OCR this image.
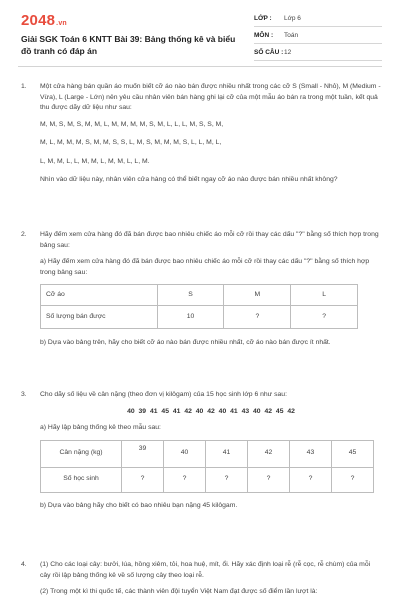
2048.vn
Giải SGK Toán 6 KNTT Bài 39: Bảng thống kê và biểu đồ tranh có đáp án
LỚP :	Lớp 6
MÔN :	Toán
SỐ CÂU : 12
1. Một cửa hàng bán quần áo muốn biết cỡ áo nào bán được nhiều nhất trong các cỡ S (Small - Nhỏ), M (Medium - Vừa), L (Large - Lớn) nên yêu cầu nhân viên bán hàng ghi lại cỡ của một mẫu áo bán ra trong một tuần, kết quả thu được dãy dữ liệu như sau:

M, M, S, M, S, M, M, L, M, M, M, M, S, M, L, L, L, M, S, S, M,

M, L, M, M, M, S, M, M, S, S, L, M, S, M, M, M, S, L, L, M, L,

L, M, M, L, L, M, M, L, M, M, L, L, M.

Nhìn vào dữ liệu này, nhân viên cửa hàng có thể biết ngay cỡ áo nào được bán nhiều nhất không?

2. Hãy đếm xem cửa hàng đó đã bán được bao nhiêu chiếc áo mỗi cỡ rồi thay các dấu "?" bằng số thích hợp trong bảng sau:

a) Hãy đếm xem cửa hàng đó đã bán được bao nhiêu chiếc áo mỗi cỡ rồi thay các dấu "?" bằng số thích hợp trong bảng sau:

Cỡ áo	S	M	L
Số lượng bán được	10	?	?

b) Dựa vào bảng trên, hãy cho biết cỡ áo nào bán được nhiều nhất, cỡ áo nào bán được ít nhất.

3. Cho dãy số liệu về cân nặng (theo đơn vị kilôgam) của 15 học sinh lớp 6 như sau:

40 39 41 45 41 42 40 42 40 41 43 40 42 45 42

a) Hãy lập bảng thống kê theo mẫu sau:

Cân nặng (kg)	39	40	41	42	43	45
Số học sinh	?	?	?	?	?	?

b) Dựa vào bảng hãy cho biết có bao nhiêu bạn nặng 45 kilôgam.

4. (1) Cho các loại cây: bưởi, lúa, hồng xiêm, tỏi, hoa huệ, mít, ổi. Hãy xác định loại rễ (rễ cọc, rễ chùm) của mỗi cây rồi lập bảng thống kê về số lượng cây theo loại rễ.

(2) Trong một kì thi quốc tế, các thành viên đội tuyển Việt Nam đạt được số điểm lần lượt là:
